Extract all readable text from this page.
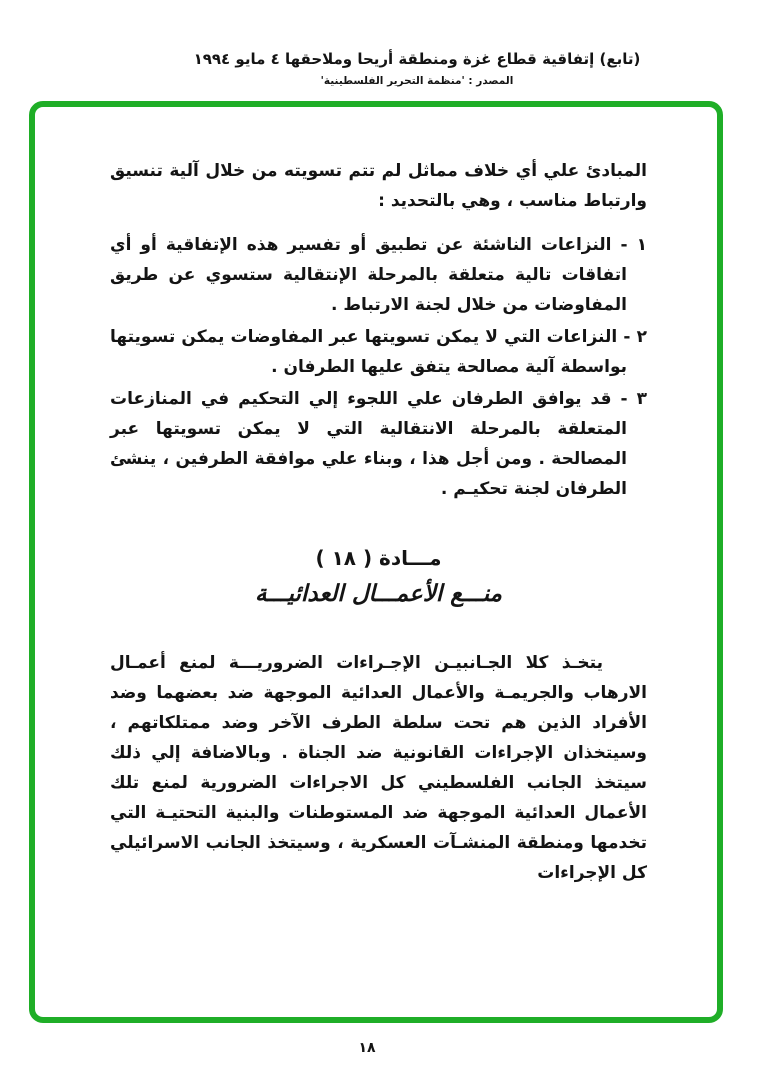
(تابع) إتفاقية قطاع غزة ومنطقة أريحا وملاحقها ٤ مايو ١٩٩٤
المصدر : 'منظمة التحرير الفلسطينية'

المبادئ علي أي خلاف مماثل لم تتم تسويته من خلال آلية تنسيق وارتباط مناسب ، وهي بالتحديد :

١ - النزاعات الناشئة عن تطبيق أو تفسير هذه الإتفاقية أو أي اتفاقات تالية متعلقة بالمرحلة الإنتقالية ستسوي عن طريق المفاوضات من خلال لجنة الارتباط .
٢ - النزاعات التي لا يمكن تسويتها عبر المفاوضات يمكن تسويتها بواسطة آلية مصالحة يتفق عليها الطرفان .
٣ - قد يوافق الطرفان علي اللجوء إلي التحكيم في المنازعات المتعلقة بالمرحلة الانتقالية التي لا يمكن تسويتها عبر المصالحة . ومن أجل هذا ، وبناء علي موافقة الطرفين ، ينشئ الطرفان لجنة تحكيـم .
مـــادة ( ١٨ )
منـــع الأعمـــال العدائيـــة

يتخـذ كلا الجـانبيـن الإجـراءات الضروريـــة لمنع أعمـال الارهاب والجريمـة والأعمال العدائية الموجهة ضد بعضهما وضد الأفراد الذين هم تحت سلطة الطرف الآخر وضد ممتلكاتهم ، وسيتخذان الإجراءات القانونية ضد الجناة . وبالاضافة إلي ذلك سيتخذ الجانب الفلسطيني كل الاجراءات الضرورية لمنع تلك الأعمال العدائية الموجهة ضد المستوطنات والبنية التحتيـة التي تخدمها ومنطقة المنشـآت العسكرية ، وسيتخذ الجانب الاسرائيلي كل الإجراءات

١٨
